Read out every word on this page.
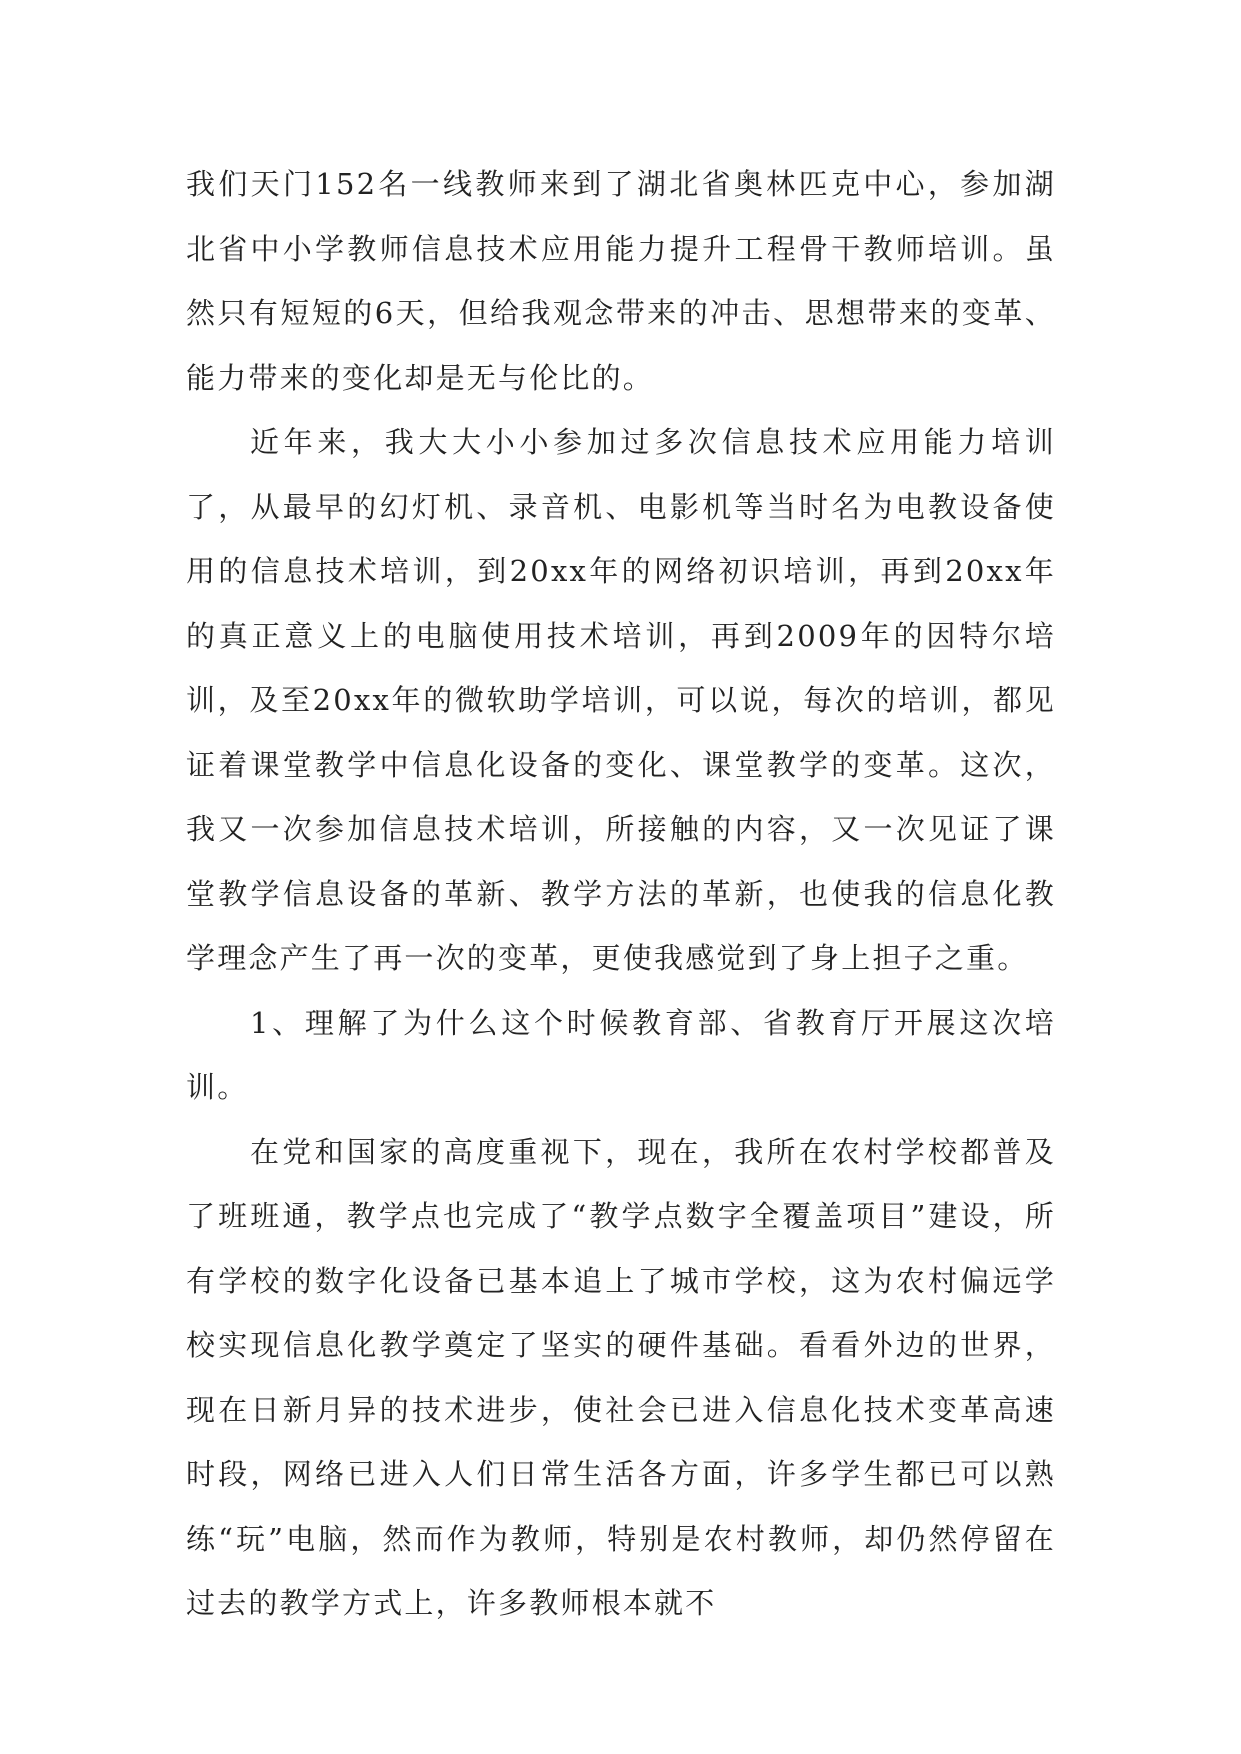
我们天门152名一线教师来到了湖北省奥林匹克中心，参加湖北省中小学教师信息技术应用能力提升工程骨干教师培训。虽然只有短短的6天，但给我观念带来的冲击、思想带来的变革、能力带来的变化却是无与伦比的。

近年来，我大大小小参加过多次信息技术应用能力培训了，从最早的幻灯机、录音机、电影机等当时名为电教设备使用的信息技术培训，到20xx年的网络初识培训，再到20xx年的真正意义上的电脑使用技术培训，再到2009年的因特尔培训，及至20xx年的微软助学培训，可以说，每次的培训，都见证着课堂教学中信息化设备的变化、课堂教学的变革。这次，我又一次参加信息技术培训，所接触的内容，又一次见证了课堂教学信息设备的革新、教学方法的革新，也使我的信息化教学理念产生了再一次的变革，更使我感觉到了身上担子之重。

1、理解了为什么这个时候教育部、省教育厅开展这次培训。

在党和国家的高度重视下，现在，我所在农村学校都普及了班班通，教学点也完成了“教学点数字全覆盖项目”建设，所有学校的数字化设备已基本追上了城市学校，这为农村偏远学校实现信息化教学奠定了坚实的硬件基础。看看外边的世界，现在日新月异的技术进步，使社会已进入信息化技术变革高速时段，网络已进入人们日常生活各方面，许多学生都已可以熟练“玩”电脑，然而作为教师，特别是农村教师，却仍然停留在过去的教学方式上，许多教师根本就不
